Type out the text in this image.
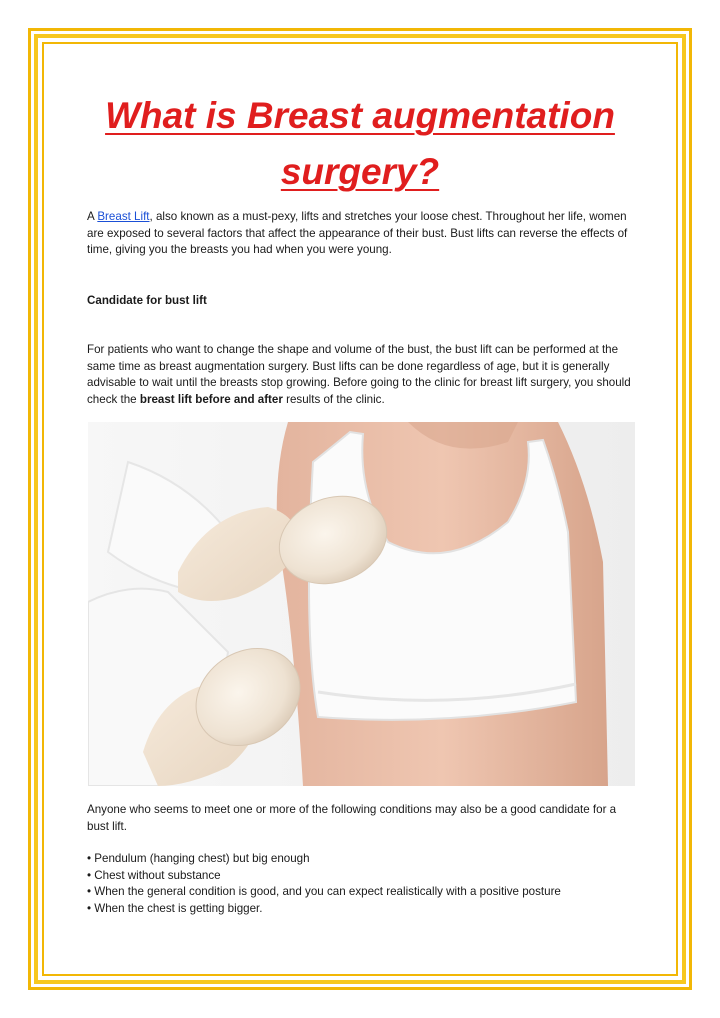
What is Breast augmentation surgery?

A Breast Lift, also known as a must-pexy, lifts and stretches your loose chest. Throughout her life, women are exposed to several factors that affect the appearance of their bust. Bust lifts can reverse the effects of time, giving you the breasts you had when you were young.

Candidate for bust lift

For patients who want to change the shape and volume of the bust, the bust lift can be performed at the same time as breast augmentation surgery. Bust lifts can be done regardless of age, but it is generally advisable to wait until the breasts stop growing. Before going to the clinic for breast lift surgery, you should check the breast lift before and after results of the clinic.

Anyone who seems to meet one or more of the following conditions may also be a good candidate for a bust lift.

• Pendulum (hanging chest) but big enough
• Chest without substance
• When the general condition is good, and you can expect realistically with a positive posture
• When the chest is getting bigger.
